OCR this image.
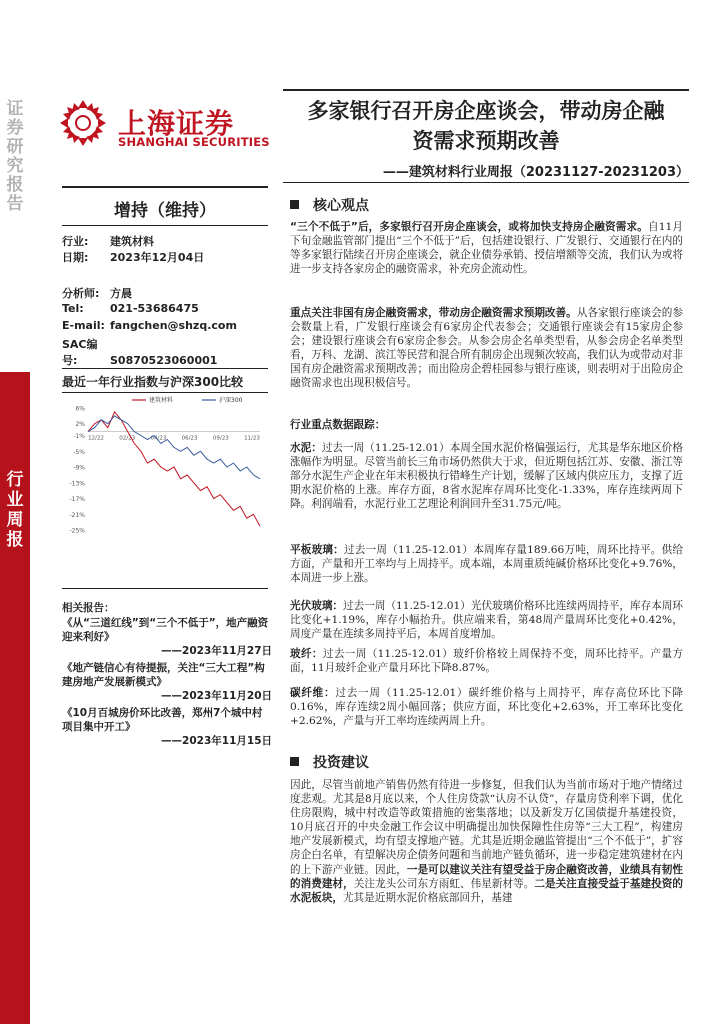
证券研究报告
行业周报
上海证券
SHANGHAI SECURITIES
多家银行召开房企座谈会，带动房企融
资需求预期改善
——建筑材料行业周报（20231127-20231203）
增持（维持）
行业: 建筑材料
日期: 2023年12月04日
分析师: 方晨
Tel: 021-53686475
E-mail: fangchen@shzq.com
SAC编号:	S0870523060001
最近一年行业指数与沪深300比较
6%
2%
-1%
-5%
-9%
-13%
-17%
-21%
-25%
12/22	02/23	04/23	06/23	09/23	11/23
建筑材料	沪深300
相关报告：
《从“三道红线”到“三个不低于”，地产融资迎来利好》
——2023年11月27日
《地产链信心有待提振，关注“三大工程”构建房地产发展新模式》
——2023年11月20日
《10月百城房价环比改善，郑州7个城中村项目集中开工》
——2023年11月15日
核心观点
“三个不低于”后，多家银行召开房企座谈会，或将加快支持房企融资需求。自11月下旬金融监管部门提出“三个不低于”后，包括建设银行、广发银行、交通银行在内的等多家银行陆续召开房企座谈会，就企业债券承销、授信增额等交流，我们认为或将进一步支持各家房企的融资需求，补充房企流动性。
重点关注非国有房企融资需求，带动房企融资需求预期改善。从各家银行座谈会的参会数量上看，广发银行座谈会有6家房企代表参会；交通银行座谈会有15家房企参会；建设银行座谈会有6家房企参会。从参会房企名单类型看，从参会房企名单类型看，万科、龙湖、滨江等民营和混合所有制房企出现频次较高，我们认为或带动对非国有房企融资需求预期改善；而出险房企碧桂园参与银行座谈，则表明对于出险房企融资需求也出现积极信号。
行业重点数据跟踪：
水泥：过去一周（11.25-12.01）本周全国水泥价格偏强运行，尤其是华东地区价格涨幅作为明显。尽管当前长三角市场仍然供大于求，但近期包括江苏、安徽、浙江等部分水泥生产企业在年末积极执行错峰生产计划，缓解了区域内供应压力，支撑了近期水泥价格的上涨。库存方面，8省水泥库存周环比变化-1.33%，库存连续两周下降。利润端看，水泥行业工艺理论利润回升至31.75元/吨。
平板玻璃：过去一周（11.25-12.01）本周库存量189.66万吨，周环比持平。供给方面，产量和开工率均与上周持平。成本端，本周重质纯碱价格环比变化+9.76%，本周进一步上涨。
光伏玻璃：过去一周（11.25-12.01）光伏玻璃价格环比连续两周持平，库存本周环比变化+1.19%，库存小幅抬升。供应端来看，第48周产量周环比变化+0.42%，周度产量在连续多周持平后，本周首度增加。
玻纤：过去一周（11.25-12.01）玻纤价格较上周保持不变，周环比持平。产量方面，11月玻纤企业产量月环比下降8.87%。
碳纤维：过去一周（11.25-12.01）碳纤维价格与上周持平，库存高位环比下降0.16%，库存连续2周小幅回落；供应方面，环比变化+2.63%，开工率环比变化+2.62%，产量与开工率均连续两周上升。
投资建议
因此，尽管当前地产销售仍然有待进一步修复，但我们认为当前市场对于地产情绪过度悲观。尤其是8月底以来，个人住房贷款“认房不认贷”，存量房贷利率下调，优化住房限购，城中村改造等政策措施的密集落地；以及新发万亿国债提升基建投资，10月底召开的中央金融工作会议中明确提出加快保障性住房等“三大工程”，构建房地产发展新模式，均有望支撑地产链。尤其是近期金融监管提出“三个不低于”，扩容房企白名单，有望解决房企债务问题和当前地产链负循环，进一步稳定建筑建材在内的上下游产业链。因此，一是可以建议关注有望受益于房企融资改善，业绩具有韧性的消费建材，关注龙头公司东方雨虹、伟星新材等。二是关注直接受益于基建投资的水泥板块，尤其是近期水泥价格底部回升，基建
